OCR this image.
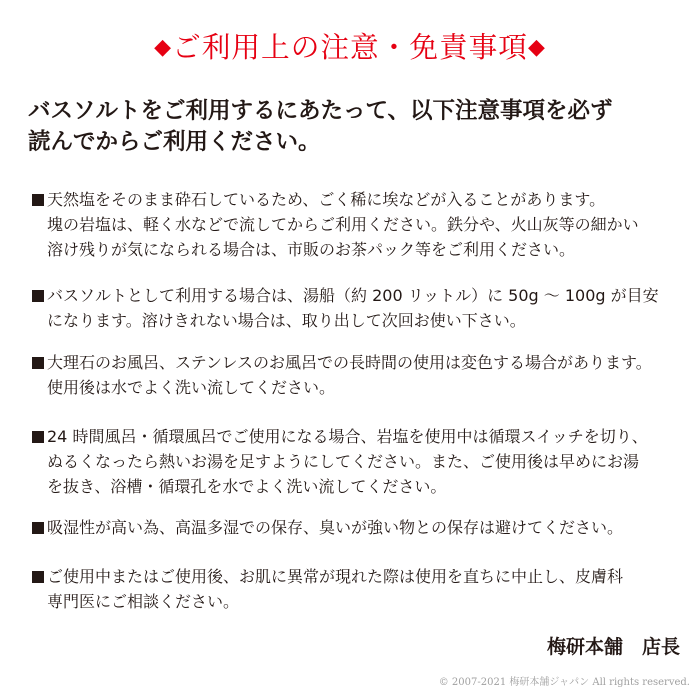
◆ご利用上の注意・免責事項◆
バスソルトをご利用するにあたって、以下注意事項を必ず
読んでからご利用ください。
天然塩をそのまま砕石しているため、ごく稀に埃などが入ることがあります。
塊の岩塩は、軽く水などで流してからご利用ください。鉄分や、火山灰等の細かい
溶け残りが気になられる場合は、市販のお茶パック等をご利用ください。
バスソルトとして利用する場合は、湯船（約 200 リットル）に 50g 〜 100g が目安
になります。溶けきれない場合は、取り出して次回お使い下さい。
大理石のお風呂、ステンレスのお風呂での長時間の使用は変色する場合があります。
使用後は水でよく洗い流してください。
24 時間風呂・循環風呂でご使用になる場合、岩塩を使用中は循環スイッチを切り、
ぬるくなったら熱いお湯を足すようにしてください。また、ご使用後は早めにお湯
を抜き、浴槽・循環孔を水でよく洗い流してください。
吸湿性が高い為、高温多湿での保存、臭いが強い物との保存は避けてください。
ご使用中またはご使用後、お肌に異常が現れた際は使用を直ちに中止し、皮膚科
専門医にご相談ください。
梅研本舗　店長
© 2007-2021 梅研本舗ジャパン All rights reserved.
